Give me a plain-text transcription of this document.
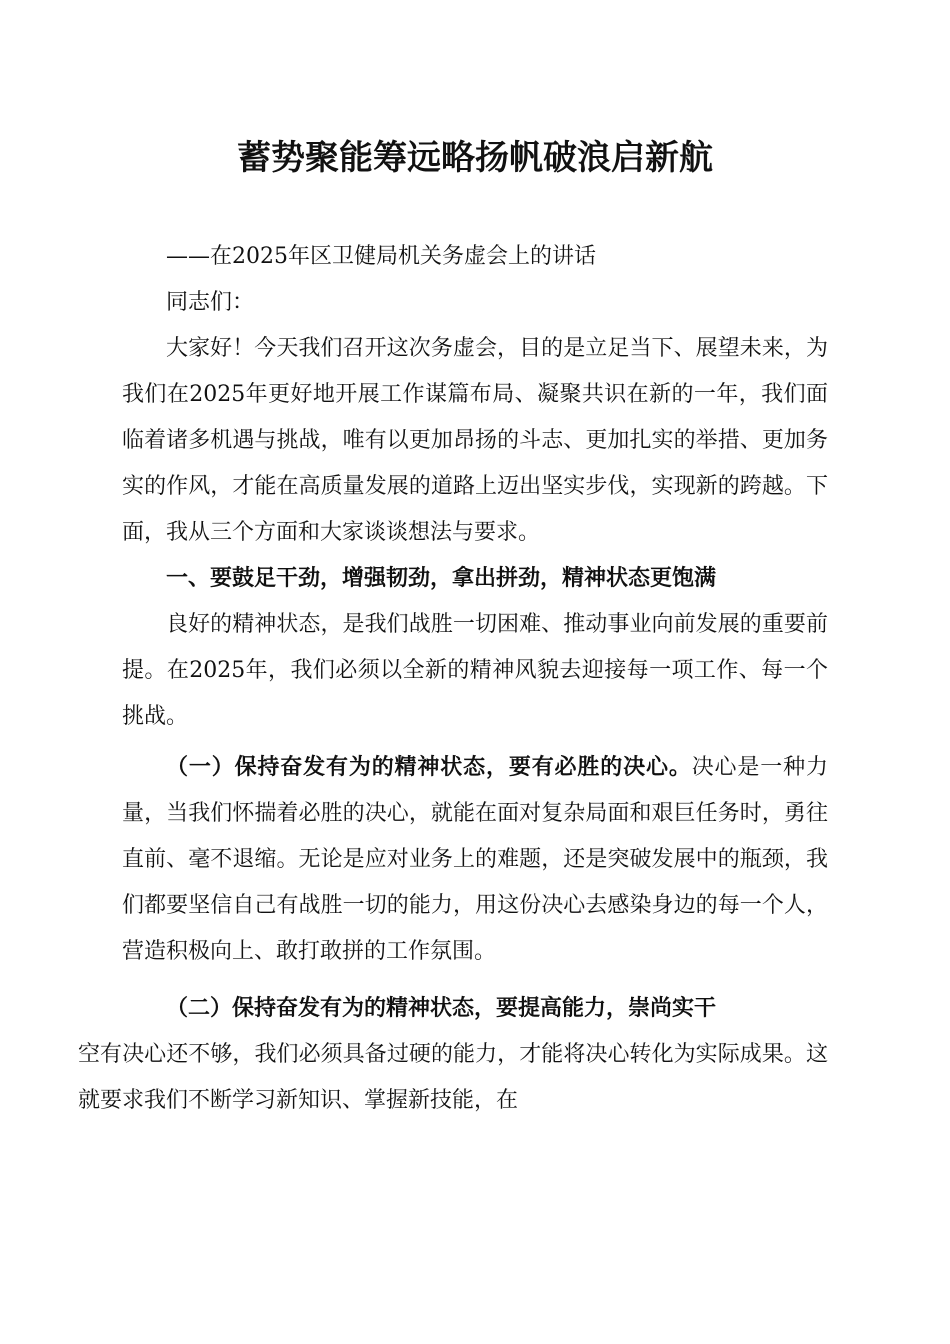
蓄势聚能筹远略扬帆破浪启新航

——在2025年区卫健局机关务虚会上的讲话

同志们：

大家好！今天我们召开这次务虚会，目的是立足当下、展望未来，为我们在2025年更好地开展工作谋篇布局、凝聚共识在新的一年，我们面临着诸多机遇与挑战，唯有以更加昂扬的斗志、更加扎实的举措、更加务实的作风，才能在高质量发展的道路上迈出坚实步伐，实现新的跨越。下面，我从三个方面和大家谈谈想法与要求。

一、要鼓足干劲，增强韧劲，拿出拼劲，精神状态更饱满

良好的精神状态，是我们战胜一切困难、推动事业向前发展的重要前提。在2025年，我们必须以全新的精神风貌去迎接每一项工作、每一个挑战。

（一）保持奋发有为的精神状态，要有必胜的决心。决心是一种力量，当我们怀揣着必胜的决心，就能在面对复杂局面和艰巨任务时，勇往直前、毫不退缩。无论是应对业务上的难题，还是突破发展中的瓶颈，我们都要坚信自己有战胜一切的能力，用这份决心去感染身边的每一个人，营造积极向上、敢打敢拼的工作氛围。

（二）保持奋发有为的精神状态，要提高能力，崇尚实干
空有决心还不够，我们必须具备过硬的能力，才能将决心转化为实际成果。这就要求我们不断学习新知识、掌握新技能，在
